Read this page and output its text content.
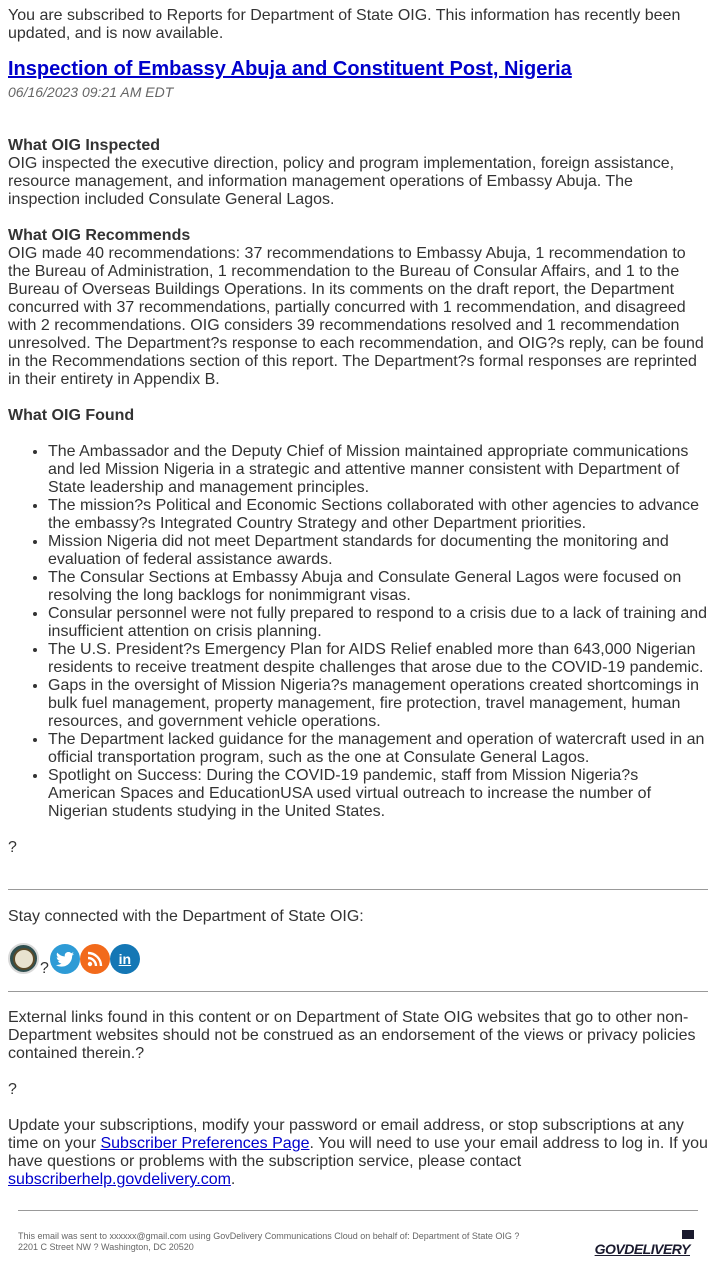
You are subscribed to Reports for Department of State OIG. This information has recently been updated, and is now available.

Inspection of Embassy Abuja and Constituent Post, Nigeria

06/16/2023 09:21 AM EDT

What OIG Inspected

OIG inspected the executive direction, policy and program implementation, foreign assistance, resource management, and information management operations of Embassy Abuja. The inspection included Consulate General Lagos.

What OIG Recommends

OIG made 40 recommendations: 37 recommendations to Embassy Abuja, 1 recommendation to the Bureau of Administration, 1 recommendation to the Bureau of Consular Affairs, and 1 to the Bureau of Overseas Buildings Operations. In its comments on the draft report, the Department concurred with 37 recommendations, partially concurred with 1 recommendation, and disagreed with 2 recommendations. OIG considers 39 recommendations resolved and 1 recommendation unresolved. The Department?s response to each recommendation, and OIG?s reply, can be found in the Recommendations section of this report. The Department?s formal responses are reprinted in their entirety in Appendix B.

What OIG Found

• The Ambassador and the Deputy Chief of Mission maintained appropriate communications and led Mission Nigeria in a strategic and attentive manner consistent with Department of State leadership and management principles.
• The mission?s Political and Economic Sections collaborated with other agencies to advance the embassy?s Integrated Country Strategy and other Department priorities.
• Mission Nigeria did not meet Department standards for documenting the monitoring and evaluation of federal assistance awards.
• The Consular Sections at Embassy Abuja and Consulate General Lagos were focused on resolving the long backlogs for nonimmigrant visas.
• Consular personnel were not fully prepared to respond to a crisis due to a lack of training and insufficient attention on crisis planning.
• The U.S. President?s Emergency Plan for AIDS Relief enabled more than 643,000 Nigerian residents to receive treatment despite challenges that arose due to the COVID-19 pandemic.
• Gaps in the oversight of Mission Nigeria?s management operations created shortcomings in bulk fuel management, property management, fire protection, travel management, human resources, and government vehicle operations.
• The Department lacked guidance for the management and operation of watercraft used in an official transportation program, such as the one at Consulate General Lagos.
• Spotlight on Success: During the COVID-19 pandemic, staff from Mission Nigeria?s American Spaces and EducationUSA used virtual outreach to increase the number of Nigerian students studying in the United States.

?

Stay connected with the Department of State OIG:

?
in

External links found in this content or on Department of State OIG websites that go to other non-Department websites should not be construed as an endorsement of the views or privacy policies contained therein.?

?

Update your subscriptions, modify your password or email address, or stop subscriptions at any time on your Subscriber Preferences Page. You will need to use your email address to log in. If you have questions or problems with the subscription service, please contact subscriberhelp.govdelivery.com.

This email was sent to xxxxxx@gmail.com using GovDelivery Communications Cloud on behalf of: Department of State OIG ?
2201 C Street NW ? Washington, DC 20520	GOVDELIVERY
